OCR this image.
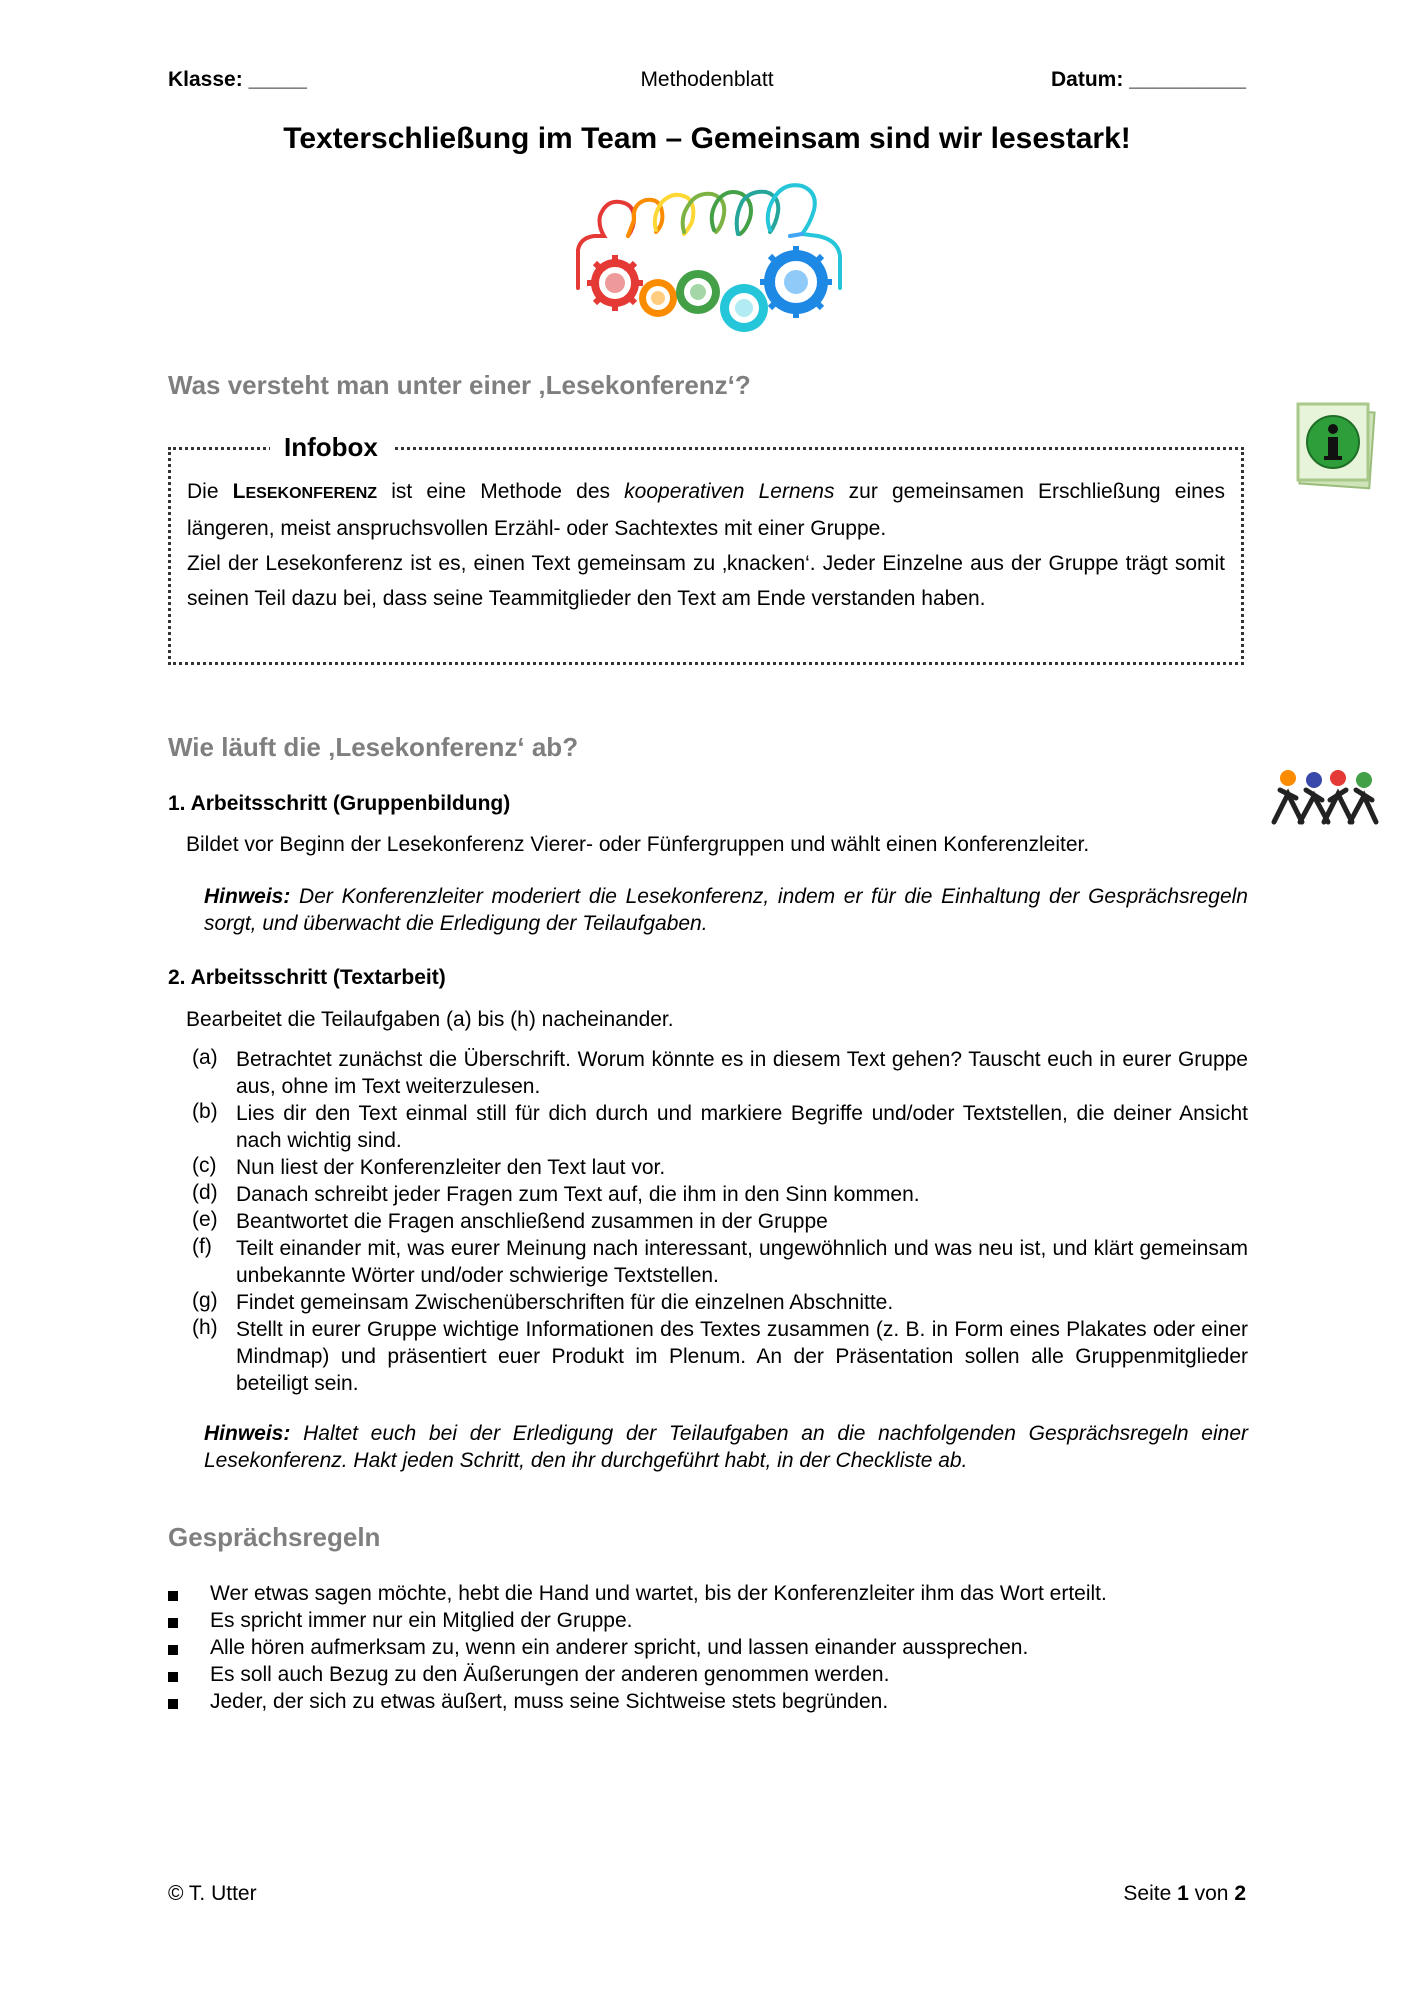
Klasse: _____	Methodenblatt	Datum: __________
Texterschließung im Team – Gemeinsam sind wir lesestark!
Was versteht man unter einer ‚Lesekonferenz‘?
Infobox
Die LESEKONFERENZ ist eine Methode des kooperativen Lernens zur gemeinsamen Erschließung eines längeren, meist anspruchsvollen Erzähl- oder Sachtextes mit einer Gruppe.
Ziel der Lesekonferenz ist es, einen Text gemeinsam zu ‚knacken‘. Jeder Einzelne aus der Gruppe trägt somit seinen Teil dazu bei, dass seine Teammitglieder den Text am Ende verstanden haben.
Wie läuft die ‚Lesekonferenz‘ ab?
1. Arbeitsschritt (Gruppenbildung)
Bildet vor Beginn der Lesekonferenz Vierer- oder Fünfergruppen und wählt einen Konferenzleiter.
Hinweis: Der Konferenzleiter moderiert die Lesekonferenz, indem er für die Einhaltung der Gesprächsregeln sorgt, und überwacht die Erledigung der Teilaufgaben.
2. Arbeitsschritt (Textarbeit)
Bearbeitet die Teilaufgaben (a) bis (h) nacheinander.
(a) Betrachtet zunächst die Überschrift. Worum könnte es in diesem Text gehen? Tauscht euch in eurer Gruppe aus, ohne im Text weiterzulesen.
(b) Lies dir den Text einmal still für dich durch und markiere Begriffe und/oder Textstellen, die deiner Ansicht nach wichtig sind.
(c) Nun liest der Konferenzleiter den Text laut vor.
(d) Danach schreibt jeder Fragen zum Text auf, die ihm in den Sinn kommen.
(e) Beantwortet die Fragen anschließend zusammen in der Gruppe
(f)	Teilt einander mit, was eurer Meinung nach interessant, ungewöhnlich und was neu ist, und klärt gemeinsam unbekannte Wörter und/oder schwierige Textstellen.
(g) Findet gemeinsam Zwischenüberschriften für die einzelnen Abschnitte.
(h) Stellt in eurer Gruppe wichtige Informationen des Textes zusammen (z. B. in Form eines Plakates oder einer Mindmap) und präsentiert euer Produkt im Plenum. An der Präsentation sollen alle Gruppenmitglieder beteiligt sein.
Hinweis: Haltet euch bei der Erledigung der Teilaufgaben an die nachfolgenden Gesprächsregeln einer Lesekonferenz. Hakt jeden Schritt, den ihr durchgeführt habt, in der Checkliste ab.
Gesprächsregeln
Wer etwas sagen möchte, hebt die Hand und wartet, bis der Konferenzleiter ihm das Wort erteilt.
Es spricht immer nur ein Mitglied der Gruppe.
Alle hören aufmerksam zu, wenn ein anderer spricht, und lassen einander aussprechen.
Es soll auch Bezug zu den Äußerungen der anderen genommen werden.
Jeder, der sich zu etwas äußert, muss seine Sichtweise stets begründen.
© T. Utter	Seite 1 von 2
